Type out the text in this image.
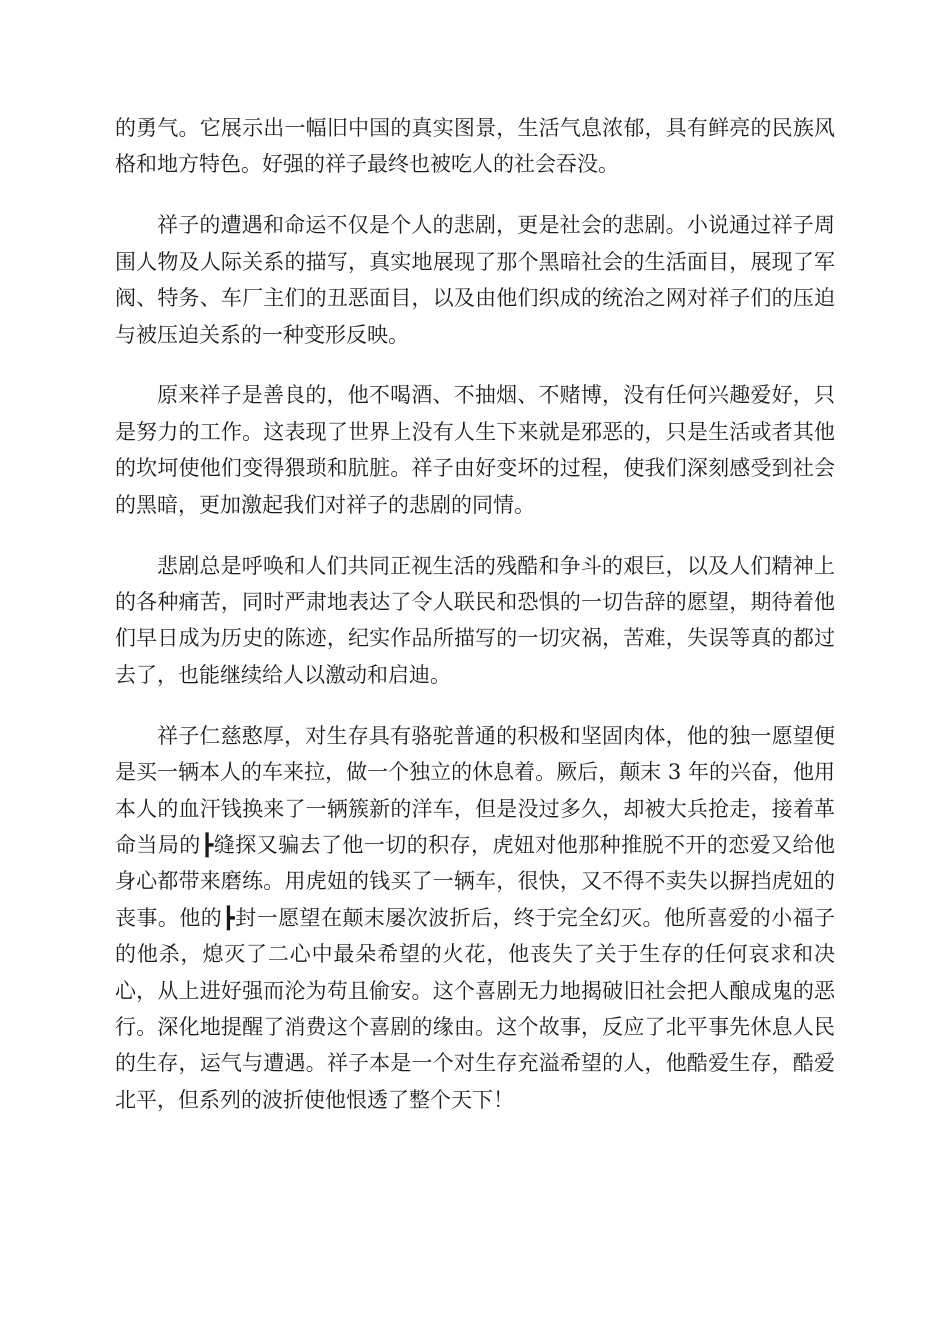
的勇气。它展示出一幅旧中国的真实图景，生活气息浓郁，具有鲜亮的民族风格和地方特色。好强的祥子最终也被吃人的社会吞没。

祥子的遭遇和命运不仅是个人的悲剧，更是社会的悲剧。小说通过祥子周围人物及人际关系的描写，真实地展现了那个黑暗社会的生活面目，展现了军阀、特务、车厂主们的丑恶面目，以及由他们织成的统治之网对祥子们的压迫与被压迫关系的一种变形反映。

原来祥子是善良的，他不喝酒、不抽烟、不赌博，没有任何兴趣爱好，只是努力的工作。这表现了世界上没有人生下来就是邪恶的，只是生活或者其他的坎坷使他们变得猥琐和肮脏。祥子由好变坏的过程，使我们深刻感受到社会的黑暗，更加激起我们对祥子的悲剧的同情。

悲剧总是呼唤和人们共同正视生活的残酷和争斗的艰巨，以及人们精神上的各种痛苦，同时严肃地表达了令人联民和恐惧的一切告辞的愿望，期待着他们早日成为历史的陈迹，纪实作品所描写的一切灾祸，苦难，失误等真的都过去了，也能继续给人以激动和启迪。

祥子仁慈憨厚，对生存具有骆驼普通的积极和坚固肉体，他的独一愿望便是买一辆本人的车来拉，做一个独立的休息着。厥后，颠末 3 年的兴奋，他用本人的血汗钱换来了一辆簇新的洋车，但是没过多久，却被大兵抢走，接着革命当局的┣缝探又骗去了他一切的积存，虎妞对他那种推脱不开的恋爱又给他身心都带来磨练。用虎妞的钱买了一辆车，很快，又不得不卖失以摒挡虎妞的丧事。他的┣封一愿望在颠末屡次波折后，终于完全幻灭。他所喜爱的小福子的他杀，熄灭了二心中最朵希望的火花，他丧失了关于生存的任何哀求和决心，从上进好强而沦为苟且偷安。这个喜剧无力地揭破旧社会把人酿成鬼的恶行。深化地提醒了消费这个喜剧的缘由。这个故事，反应了北平事先休息人民的生存，运气与遭遇。祥子本是一个对生存充溢希望的人，他酷爱生存，酷爱北平，但系列的波折使他恨透了整个天下！
